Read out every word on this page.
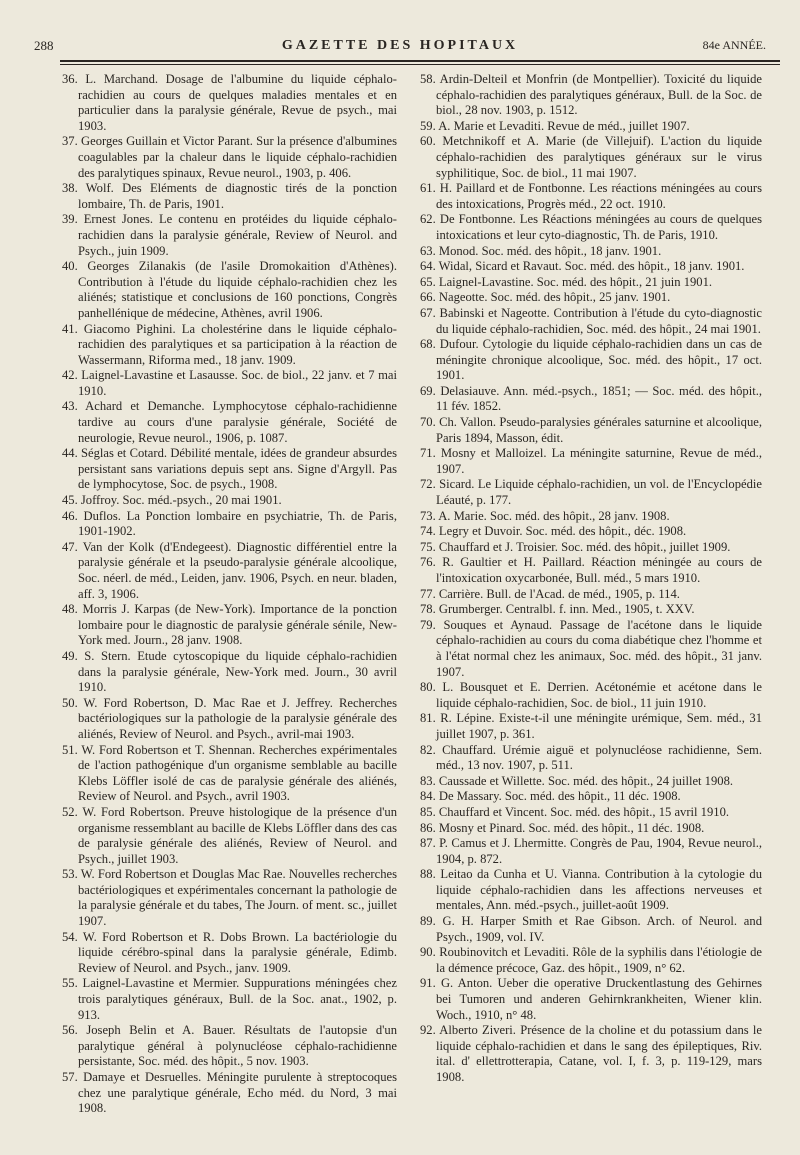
288	GAZETTE DES HOPITAUX	84e ANNÉE.

36. L. Marchand. Dosage de l'albumine du liquide céphalo-rachidien au cours de quelques maladies mentales et en particulier dans la paralysie générale, Revue de psych., mai 1903.

37. Georges Guillain et Victor Parant. Sur la présence d'albumines coagulables par la chaleur dans le liquide céphalo-rachidien des paralytiques spinaux, Revue neurol., 1903, p. 406.

38. Wolf. Des Eléments de diagnostic tirés de la ponction lombaire, Th. de Paris, 1901.

39. Ernest Jones. Le contenu en protéides du liquide céphalo-rachidien dans la paralysie générale, Review of Neurol. and Psych., juin 1909.

40. Georges Zilanakis (de l'asile Dromokaition d'Athènes). Contribution à l'étude du liquide céphalo-rachidien chez les aliénés; statistique et conclusions de 160 ponctions, Congrès panhellénique de médecine, Athènes, avril 1906.

41. Giacomo Pighini. La cholestérine dans le liquide céphalo-rachidien des paralytiques et sa participation à la réaction de Wassermann, Riforma med., 18 janv. 1909.

42. Laignel-Lavastine et Lasausse. Soc. de biol., 22 janv. et 7 mai 1910.

43. Achard et Demanche. Lymphocytose céphalo-rachidienne tardive au cours d'une paralysie générale, Société de neurologie, Revue neurol., 1906, p. 1087.

44. Séglas et Cotard. Débilité mentale, idées de grandeur absurdes persistant sans variations depuis sept ans. Signe d'Argyll. Pas de lymphocytose, Soc. de psych., 1908.

45. Joffroy. Soc. méd.-psych., 20 mai 1901.

46. Duflos. La Ponction lombaire en psychiatrie, Th. de Paris, 1901-1902.

47. Van der Kolk (d'Endegeest). Diagnostic différentiel entre la paralysie générale et la pseudo-paralysie générale alcoolique, Soc. néerl. de méd., Leiden, janv. 1906, Psych. en neur. bladen, aff. 3, 1906.

48. Morris J. Karpas (de New-York). Importance de la ponction lombaire pour le diagnostic de paralysie générale sénile, New-York med. Journ., 28 janv. 1908.

49. S. Stern. Etude cytoscopique du liquide céphalo-rachidien dans la paralysie générale, New-York med. Journ., 30 avril 1910.

50. W. Ford Robertson, D. Mac Rae et J. Jeffrey. Recherches bactériologiques sur la pathologie de la paralysie générale des aliénés, Review of Neurol. and Psych., avril-mai 1903.

51. W. Ford Robertson et T. Shennan. Recherches expérimentales de l'action pathogénique d'un organisme semblable au bacille Klebs Löffler isolé de cas de paralysie générale des aliénés, Review of Neurol. and Psych., avril 1903.

52. W. Ford Robertson. Preuve histologique de la présence d'un organisme ressemblant au bacille de Klebs Löffler dans des cas de paralysie générale des aliénés, Review of Neurol. and Psych., juillet 1903.

53. W. Ford Robertson et Douglas Mac Rae. Nouvelles recherches bactériologiques et expérimentales concernant la pathologie de la paralysie générale et du tabes, The Journ. of ment. sc., juillet 1907.

54. W. Ford Robertson et R. Dobs Brown. La bactériologie du liquide cérébro-spinal dans la paralysie générale, Edimb. Review of Neurol. and Psych., janv. 1909.

55. Laignel-Lavastine et Mermier. Suppurations méningées chez trois paralytiques généraux, Bull. de la Soc. anat., 1902, p. 913.

56. Joseph Belin et A. Bauer. Résultats de l'autopsie d'un paralytique général à polynucléose céphalo-rachidienne persistante, Soc. méd. des hôpit., 5 nov. 1903.

57. Damaye et Desruelles. Méningite purulente à streptocoques chez une paralytique générale, Echo méd. du Nord, 3 mai 1908.

58. Ardin-Delteil et Monfrin (de Montpellier). Toxicité du liquide céphalo-rachidien des paralytiques généraux, Bull. de la Soc. de biol., 28 nov. 1903, p. 1512.

59. A. Marie et Levaditi. Revue de méd., juillet 1907.

60. Metchnikoff et A. Marie (de Villejuif). L'action du liquide céphalo-rachidien des paralytiques généraux sur le virus syphilitique, Soc. de biol., 11 mai 1907.

61. H. Paillard et de Fontbonne. Les réactions méningées au cours des intoxications, Progrès méd., 22 oct. 1910.

62. De Fontbonne. Les Réactions méningées au cours de quelques intoxications et leur cyto-diagnostic, Th. de Paris, 1910.

63. Monod. Soc. méd. des hôpit., 18 janv. 1901.

64. Widal, Sicard et Ravaut. Soc. méd. des hôpit., 18 janv. 1901.

65. Laignel-Lavastine. Soc. méd. des hôpit., 21 juin 1901.

66. Nageotte. Soc. méd. des hôpit., 25 janv. 1901.

67. Babinski et Nageotte. Contribution à l'étude du cyto-diagnostic du liquide céphalo-rachidien, Soc. méd. des hôpit., 24 mai 1901.

68. Dufour. Cytologie du liquide céphalo-rachidien dans un cas de méningite chronique alcoolique, Soc. méd. des hôpit., 17 oct. 1901.

69. Delasiauve. Ann. méd.-psych., 1851; — Soc. méd. des hôpit., 11 fév. 1852.

70. Ch. Vallon. Pseudo-paralysies générales saturnine et alcoolique, Paris 1894, Masson, édit.

71. Mosny et Malloizel. La méningite saturnine, Revue de méd., 1907.

72. Sicard. Le Liquide céphalo-rachidien, un vol. de l'Encyclopédie Léauté, p. 177.

73. A. Marie. Soc. méd. des hôpit., 28 janv. 1908.

74. Legry et Duvoir. Soc. méd. des hôpit., déc. 1908.

75. Chauffard et J. Troisier. Soc. méd. des hôpit., juillet 1909.

76. R. Gaultier et H. Paillard. Réaction méningée au cours de l'intoxication oxycarbonée, Bull. méd., 5 mars 1910.

77. Carrière. Bull. de l'Acad. de méd., 1905, p. 114.

78. Grumberger. Centralbl. f. inn. Med., 1905, t. XXV.

79. Souques et Aynaud. Passage de l'acétone dans le liquide céphalo-rachidien au cours du coma diabétique chez l'homme et à l'état normal chez les animaux, Soc. méd. des hôpit., 31 janv. 1907.

80. L. Bousquet et E. Derrien. Acétonémie et acétone dans le liquide céphalo-rachidien, Soc. de biol., 11 juin 1910.

81. R. Lépine. Existe-t-il une méningite urémique, Sem. méd., 31 juillet 1907, p. 361.

82. Chauffard. Urémie aiguë et polynucléose rachidienne, Sem. méd., 13 nov. 1907, p. 511.

83. Caussade et Willette. Soc. méd. des hôpit., 24 juillet 1908.

84. De Massary. Soc. méd. des hôpit., 11 déc. 1908.

85. Chauffard et Vincent. Soc. méd. des hôpit., 15 avril 1910.

86. Mosny et Pinard. Soc. méd. des hôpit., 11 déc. 1908.

87. P. Camus et J. Lhermitte. Congrès de Pau, 1904, Revue neurol., 1904, p. 872.

88. Leitao da Cunha et U. Vianna. Contribution à la cytologie du liquide céphalo-rachidien dans les affections nerveuses et mentales, Ann. méd.-psych., juillet-août 1909.

89. G. H. Harper Smith et Rae Gibson. Arch. of Neurol. and Psych., 1909, vol. IV.

90. Roubinovitch et Levaditi. Rôle de la syphilis dans l'étiologie de la démence précoce, Gaz. des hôpit., 1909, n° 62.

91. G. Anton. Ueber die operative Druckentlastung des Gehirnes bei Tumoren und anderen Gehirnkrankheiten, Wiener klin. Woch., 1910, n° 48.

92. Alberto Ziveri. Présence de la choline et du potassium dans le liquide céphalo-rachidien et dans le sang des épileptiques, Riv. ital. d' ellettrotterapia, Catane, vol. I, f. 3, p. 119-129, mars 1908.
